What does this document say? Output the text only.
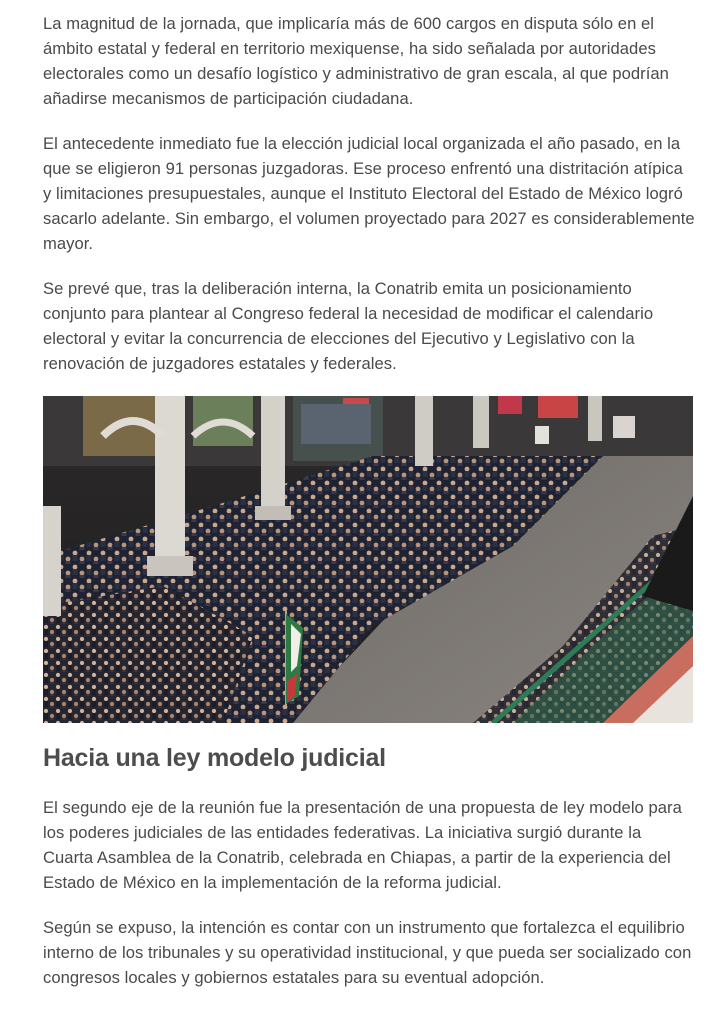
La magnitud de la jornada, que implicaría más de 600 cargos en disputa sólo en el ámbito estatal y federal en territorio mexiquense, ha sido señalada por autoridades electorales como un desafío logístico y administrativo de gran escala, al que podrían añadirse mecanismos de participación ciudadana.

El antecedente inmediato fue la elección judicial local organizada el año pasado, en la que se eligieron 91 personas juzgadoras. Ese proceso enfrentó una distritación atípica y limitaciones presupuestales, aunque el Instituto Electoral del Estado de México logró sacarlo adelante. Sin embargo, el volumen proyectado para 2027 es considerablemente mayor.

Se prevé que, tras la deliberación interna, la Conatrib emita un posicionamiento conjunto para plantear al Congreso federal la necesidad de modificar el calendario electoral y evitar la concurrencia de elecciones del Ejecutivo y Legislativo con la renovación de juzgadores estatales y federales.

Hacia una ley modelo judicial

El segundo eje de la reunión fue la presentación de una propuesta de ley modelo para los poderes judiciales de las entidades federativas. La iniciativa surgió durante la Cuarta Asamblea de la Conatrib, celebrada en Chiapas, a partir de la experiencia del Estado de México en la implementación de la reforma judicial.

Según se expuso, la intención es contar con un instrumento que fortalezca el equilibrio interno de los tribunales y su operatividad institucional, y que pueda ser socializado con congresos locales y gobiernos estatales para su eventual adopción.
